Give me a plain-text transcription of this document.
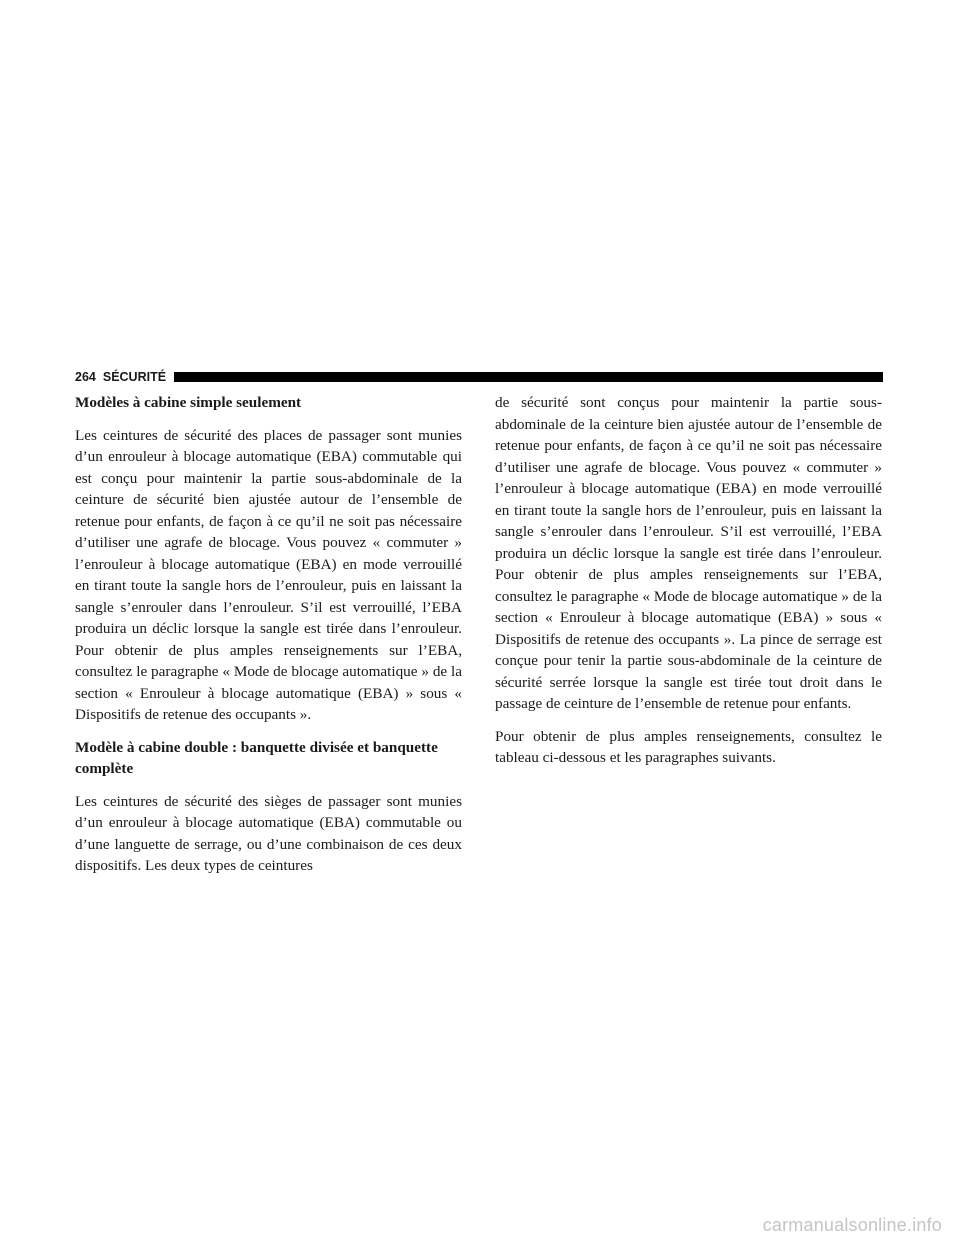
264 SÉCURITÉ

Modèles à cabine simple seulement

Les ceintures de sécurité des places de passager sont munies d’un enrouleur à blocage automatique (EBA) commutable qui est conçu pour maintenir la partie sous-abdominale de la ceinture de sécurité bien ajustée autour de l’ensemble de retenue pour enfants, de façon à ce qu’il ne soit pas nécessaire d’utiliser une agrafe de blocage. Vous pouvez « commuter » l’enrouleur à blocage automatique (EBA) en mode verrouillé en tirant toute la sangle hors de l’enrouleur, puis en laissant la sangle s’enrouler dans l’enrouleur. S’il est verrouillé, l’EBA produira un déclic lorsque la sangle est tirée dans l’enrouleur. Pour obtenir de plus amples renseignements sur l’EBA, consultez le paragraphe « Mode de blocage automatique » de la section « Enrouleur à blocage automatique (EBA) » sous « Dispositifs de retenue des occupants ».

Modèle à cabine double : banquette divisée et banquette complète

Les ceintures de sécurité des sièges de passager sont munies d’un enrouleur à blocage automatique (EBA) commutable ou d’une languette de serrage, ou d’une combinaison de ces deux dispositifs. Les deux types de ceintures

de sécurité sont conçus pour maintenir la partie sous-abdominale de la ceinture bien ajustée autour de l’ensemble de retenue pour enfants, de façon à ce qu’il ne soit pas nécessaire d’utiliser une agrafe de blocage. Vous pouvez « commuter » l’enrouleur à blocage automatique (EBA) en mode verrouillé en tirant toute la sangle hors de l’enrouleur, puis en laissant la sangle s’enrouler dans l’enrouleur. S’il est verrouillé, l’EBA produira un déclic lorsque la sangle est tirée dans l’enrouleur. Pour obtenir de plus amples renseignements sur l’EBA, consultez le paragraphe « Mode de blocage automatique » de la section « Enrouleur à blocage automatique (EBA) » sous « Dispositifs de retenue des occupants ». La pince de serrage est conçue pour tenir la partie sous-abdominale de la ceinture de sécurité serrée lorsque la sangle est tirée tout droit dans le passage de ceinture de l’ensemble de retenue pour enfants.

Pour obtenir de plus amples renseignements, consultez le tableau ci-dessous et les paragraphes suivants.

carmanualsonline.info
